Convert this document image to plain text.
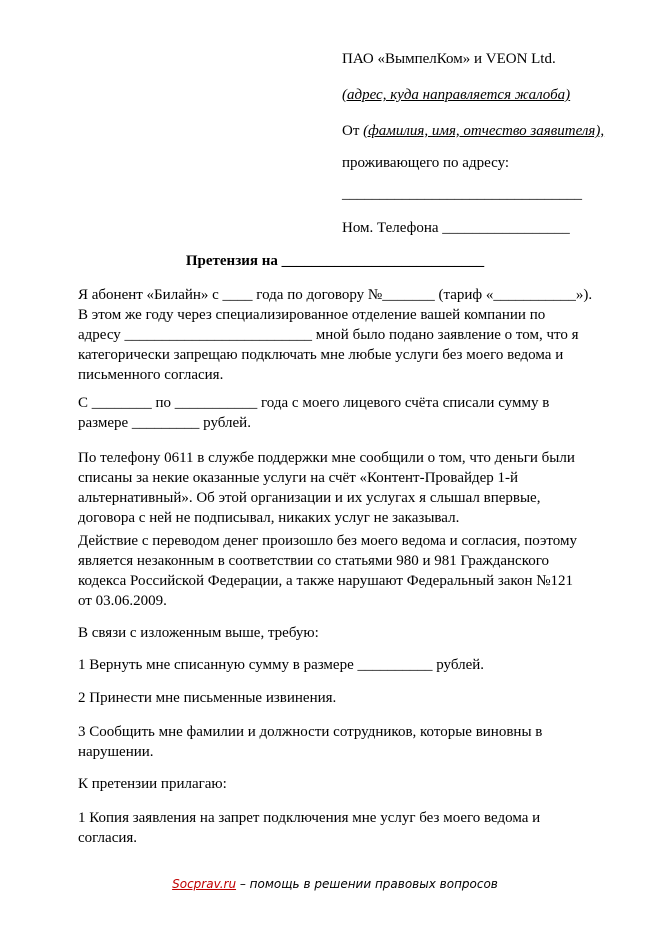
ПАО «ВымпелКом» и VEON Ltd.
(адрес, куда направляется жалоба)
От (фамилия, имя, отчество заявителя),
проживающего по адресу:
________________________________
Ном. Телефона _________________
Претензия на ___________________________
Я абонент «Билайн» с ____ года по договору №_______ (тариф «___________»).
В этом же году через специализированное отделение вашей компании по
адресу _________________________ мной было подано заявление о том, что я
категорически запрещаю подключать мне любые услуги без моего ведома и
письменного согласия.
С ________ по ___________ года с моего лицевого счёта списали сумму в
размере _________ рублей.
По телефону 0611 в службе поддержки мне сообщили о том, что деньги были
списаны за некие оказанные услуги на счёт «Контент-Провайдер 1-й
альтернативный». Об этой организации и их услугах я слышал впервые,
договора с ней не подписывал, никаких услуг не заказывал.
Действие с переводом денег произошло без моего ведома и согласия, поэтому
является незаконным в соответствии со статьями 980 и 981 Гражданского
кодекса Российской Федерации, а также нарушают Федеральный закон №121
от 03.06.2009.
В связи с изложенным выше, требую:
1 Вернуть мне списанную сумму в размере __________ рублей.
2 Принести мне письменные извинения.
3 Сообщить мне фамилии и должности сотрудников, которые виновны в
нарушении.
К претензии прилагаю:
1 Копия заявления на запрет подключения мне услуг без моего ведома и
согласия.
Socprav.ru – помощь в решении правовых вопросов
